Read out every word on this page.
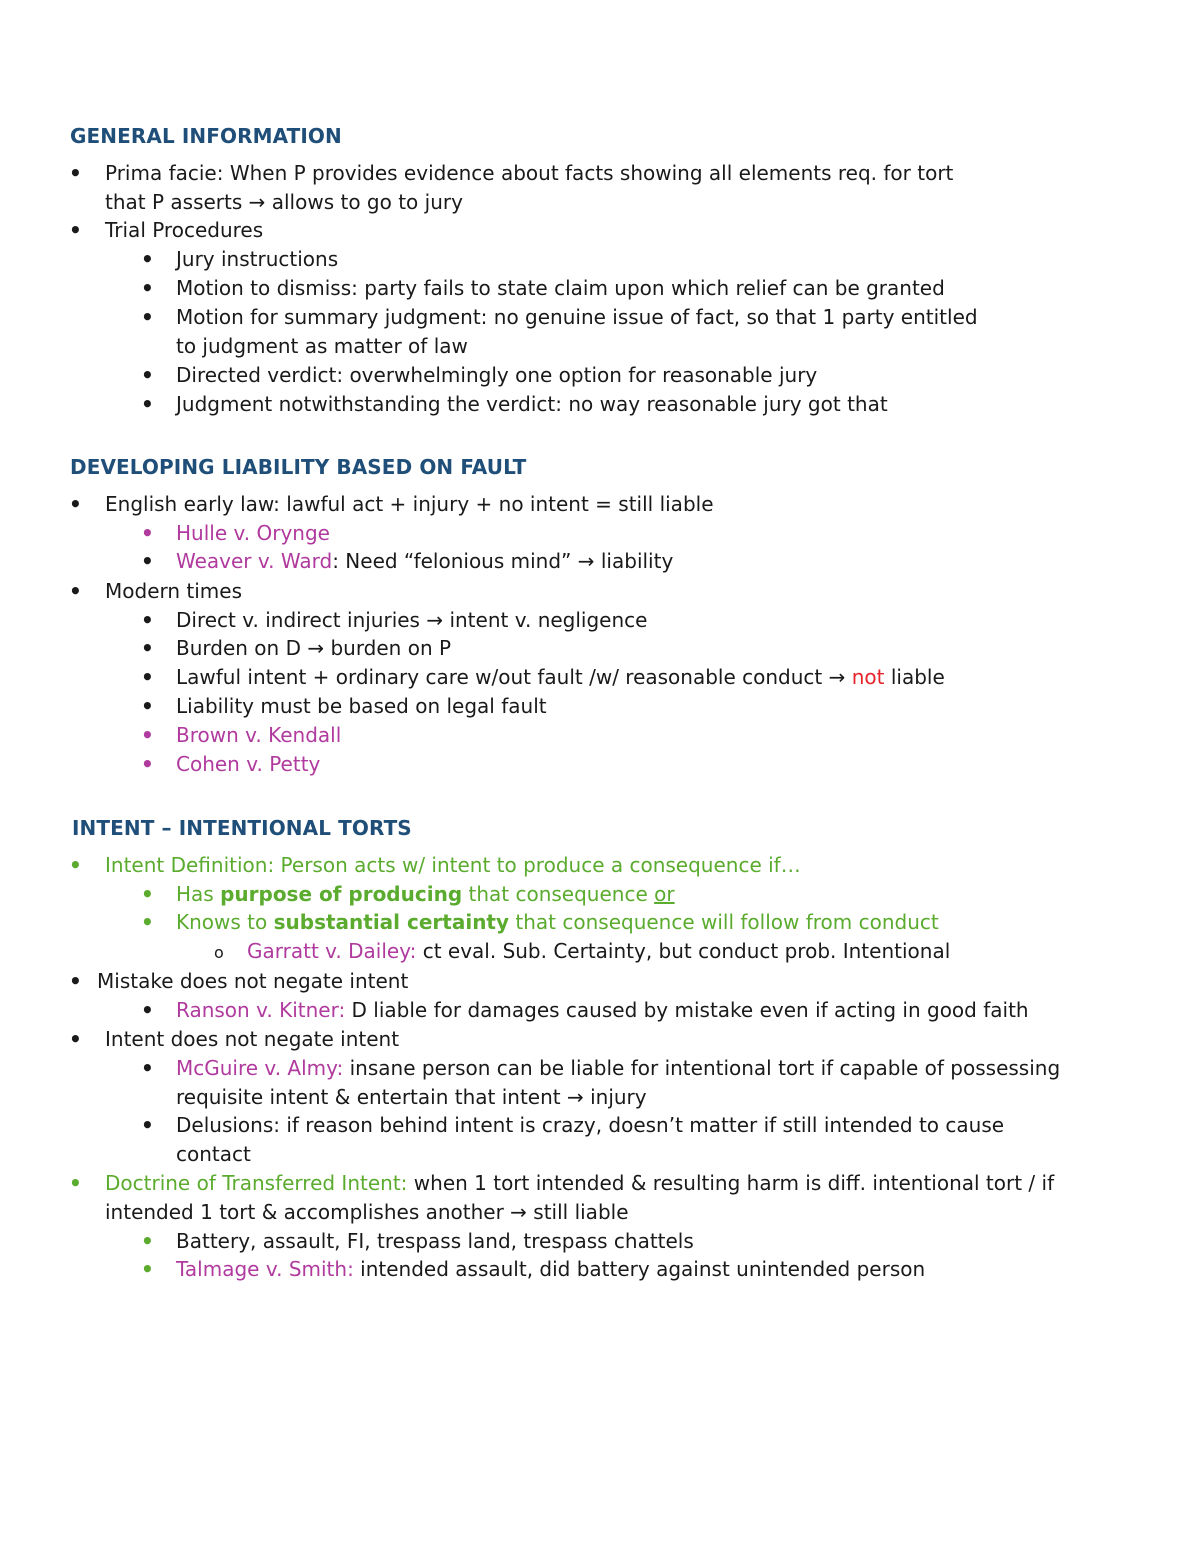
GENERAL INFORMATION
• Prima facie: When P provides evidence about facts showing all elements req. for tort
that P asserts → allows to go to jury
• Trial Procedures
• Jury instructions
• Motion to dismiss: party fails to state claim upon which relief can be granted
• Motion for summary judgment: no genuine issue of fact, so that 1 party entitled
to judgment as matter of law
• Directed verdict: overwhelmingly one option for reasonable jury
• Judgment notwithstanding the verdict: no way reasonable jury got that
DEVELOPING LIABILITY BASED ON FAULT
• English early law: lawful act + injury + no intent = still liable
• Hulle v. Orynge
• Weaver v. Ward: Need “felonious mind” → liability
• Modern times
• Direct v. indirect injuries → intent v. negligence
• Burden on D → burden on P
• Lawful intent + ordinary care w/out fault /w/ reasonable conduct → not liable
• Liability must be based on legal fault
• Brown v. Kendall
• Cohen v. Petty
INTENT – INTENTIONAL TORTS
• Intent Definition: Person acts w/ intent to produce a consequence if…
• Has purpose of producing that consequence or
• Knows to substantial certainty that consequence will follow from conduct
o Garratt v. Dailey: ct eval. Sub. Certainty, but conduct prob. Intentional
• Mistake does not negate intent
• Ranson v. Kitner: D liable for damages caused by mistake even if acting in good faith
• Intent does not negate intent
• McGuire v. Almy: insane person can be liable for intentional tort if capable of possessing
requisite intent & entertain that intent → injury
• Delusions: if reason behind intent is crazy, doesn’t matter if still intended to cause
contact
• Doctrine of Transferred Intent: when 1 tort intended & resulting harm is diff. intentional tort / if
intended 1 tort & accomplishes another → still liable
• Battery, assault, FI, trespass land, trespass chattels
• Talmage v. Smith: intended assault, did battery against unintended person
